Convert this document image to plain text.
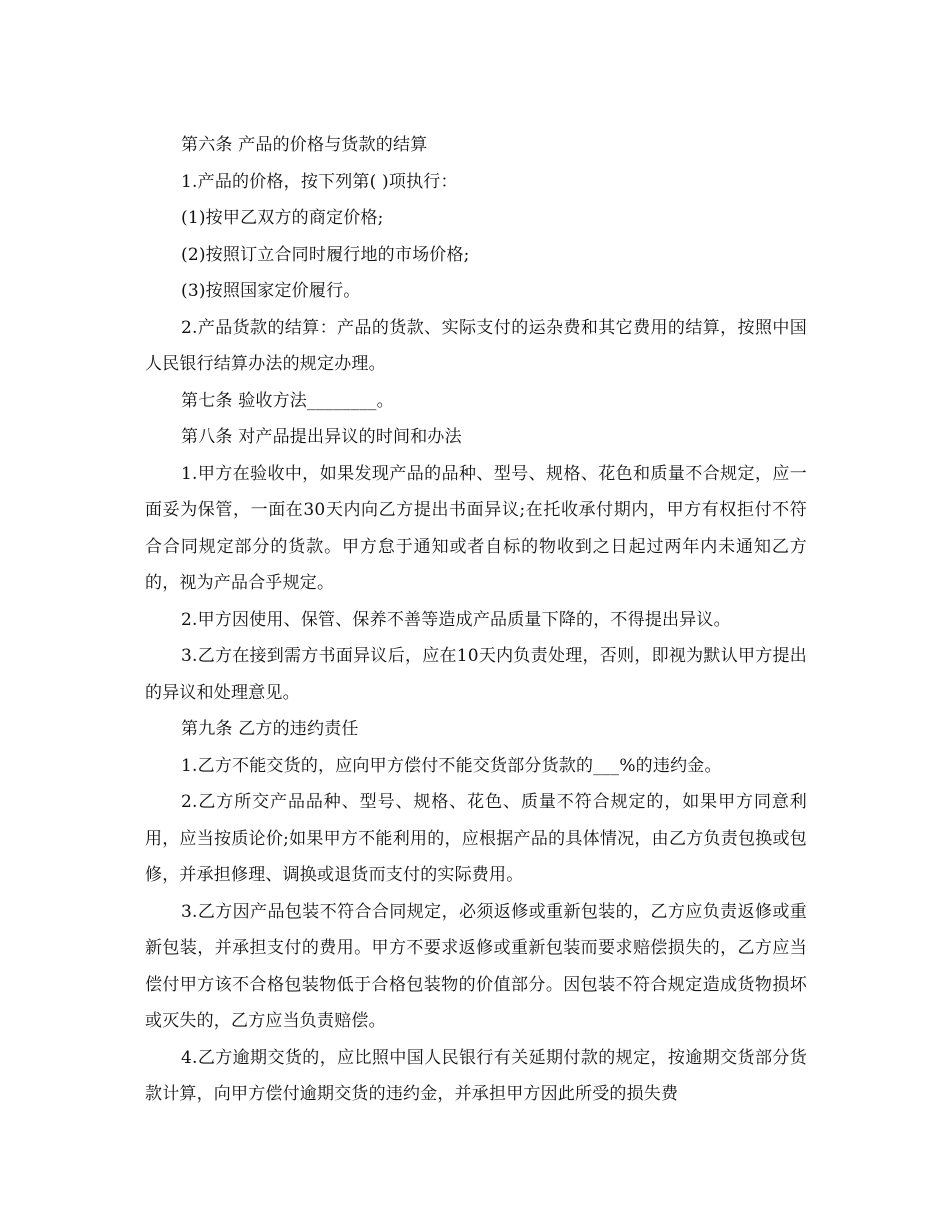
第六条 产品的价格与货款的结算

1.产品的价格，按下列第( )项执行：

(1)按甲乙双方的商定价格;

(2)按照订立合同时履行地的市场价格;

(3)按照国家定价履行。

2.产品货款的结算：产品的货款、实际支付的运杂费和其它费用的结算，按照中国人民银行结算办法的规定办理。

第七条 验收方法________。

第八条 对产品提出异议的时间和办法

1.甲方在验收中，如果发现产品的品种、型号、规格、花色和质量不合规定，应一面妥为保管，一面在30天内向乙方提出书面异议;在托收承付期内，甲方有权拒付不符合合同规定部分的货款。甲方怠于通知或者自标的物收到之日起过两年内未通知乙方的，视为产品合乎规定。

2.甲方因使用、保管、保养不善等造成产品质量下降的，不得提出异议。

3.乙方在接到需方书面异议后，应在10天内负责处理，否则，即视为默认甲方提出的异议和处理意见。

第九条 乙方的违约责任

1.乙方不能交货的，应向甲方偿付不能交货部分货款的___%的违约金。

2.乙方所交产品品种、型号、规格、花色、质量不符合规定的，如果甲方同意利用，应当按质论价;如果甲方不能利用的，应根据产品的具体情况，由乙方负责包换或包修，并承担修理、调换或退货而支付的实际费用。

3.乙方因产品包装不符合合同规定，必须返修或重新包装的，乙方应负责返修或重新包装，并承担支付的费用。甲方不要求返修或重新包装而要求赔偿损失的，乙方应当偿付甲方该不合格包装物低于合格包装物的价值部分。因包装不符合规定造成货物损坏或灭失的，乙方应当负责赔偿。

4.乙方逾期交货的，应比照中国人民银行有关延期付款的规定，按逾期交货部分货款计算，向甲方偿付逾期交货的违约金，并承担甲方因此所受的损失费
